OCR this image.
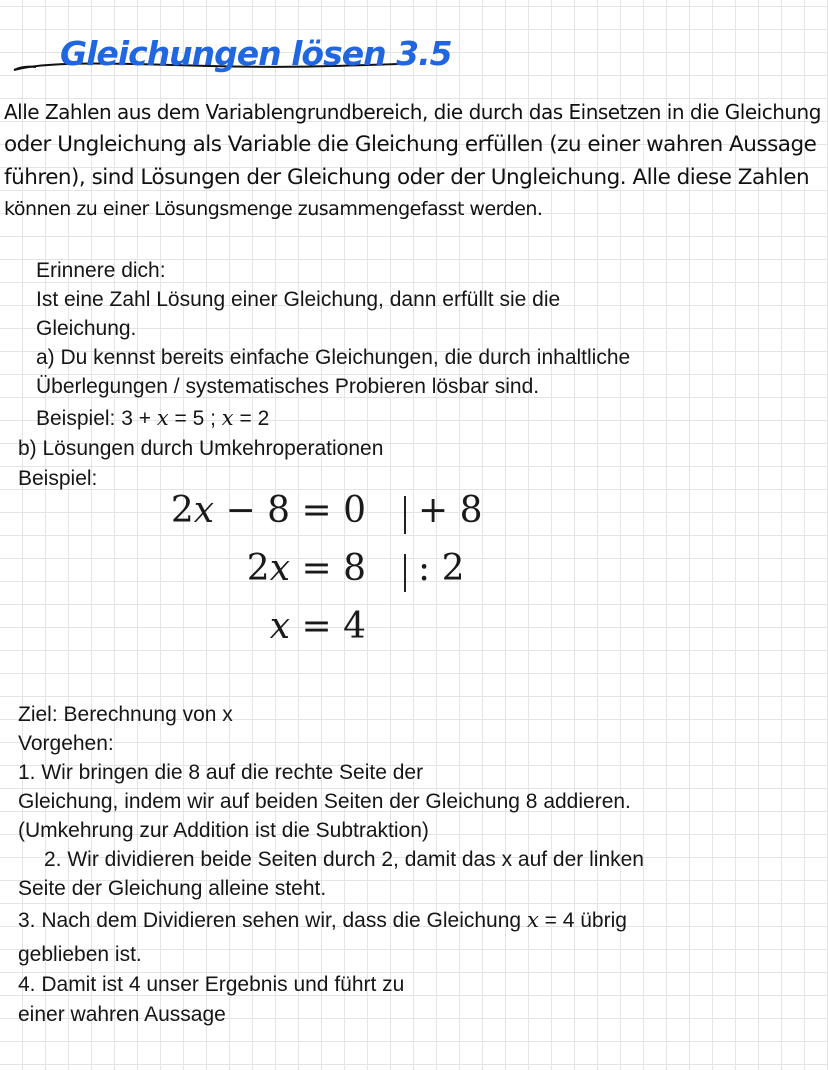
Gleichungen lösen 3.5
Alle Zahlen aus dem Variablengrundbereich, die durch das Einsetzen in die Gleichung
oder Ungleichung als Variable die Gleichung erfüllen (zu einer wahren Aussage
führen), sind Lösungen der Gleichung oder der Ungleichung. Alle diese Zahlen
können zu einer Lösungsmenge zusammengefasst werden.
Erinnere dich:
Ist eine Zahl Lösung einer Gleichung, dann erfüllt sie die
Gleichung.
a) Du kennst bereits einfache Gleichungen, die durch inhaltliche
Überlegungen / systematisches Probieren lösbar sind.
Beispiel: 3 + x = 5 ; x = 2
b) Lösungen durch Umkehroperationen
Beispiel:
2x − 8 = 0 + 8
2x = 8 : 2
x = 4
Ziel: Berechnung von x
Vorgehen:
1. Wir bringen die 8 auf die rechte Seite der
Gleichung, indem wir auf beiden Seiten der Gleichung 8 addieren.
(Umkehrung zur Addition ist die Subtraktion)
2. Wir dividieren beide Seiten durch 2, damit das x auf der linken
Seite der Gleichung alleine steht.
3. Nach dem Dividieren sehen wir, dass die Gleichung x = 4 übrig
geblieben ist.
4. Damit ist 4 unser Ergebnis und führt zu
einer wahren Aussage
